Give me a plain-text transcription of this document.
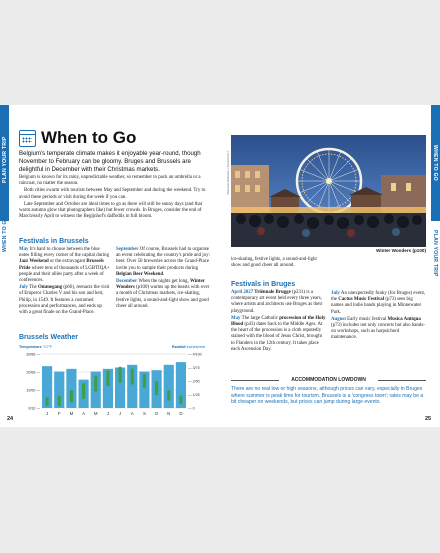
PLAN YOUR TRIP
WHEN TO GO
When to Go
Belgium's temperate climate makes it enjoyable year-round, though November to February can be gloomy. Bruges and Brussels are delightful in December with their Christmas markets.

Belgium is known for its rainy, unpredictable weather, so remember to pack an umbrella or a raincoat, no matter the season.

Both cities swarm with tourists between May and September and during the weekend. Try to avoid these periods or visit during the week if you can.

Late September and October are ideal times to go as there will still be sunny days (and that warm autumn glow that photographers like) but fewer crowds. In Bruges, consider the end of March/early April to witness the Begijnhof's daffodils in full bloom.

Festivals in Brussels

May It's hard to choose between the blue notes filling every corner of the capital during Jazz Weekend or the extravagant Brussels Pride where tens of thousands of LGBTIQA+ people and their allies party after a week of conferences.

July The Ommegang (p66), reenacts the visit of Emperor Charles V and his son and heir, Philip, in 1549. It features a costumed procession and performances, and ends up with a great finale on the Grand-Place.

September Of course, Brussels had to organise an event celebrating the country's pride and joy: beer. Over 50 breweries across the Grand-Place invite you to sample their products during Belgian Beer Weekend.

December When the nights get long, Winter Wonders (p100) warms up the hearts with over a month of Christmas markets, ice-skating, festive lights, a sound-and-light show and good cheer all around.

Brussels Weather
Temperature °C/°F	Rainfall inches/mm
30/86 —
20/68 —
10/50 —
0/32 —
— 4/100
— 3/75
— 2/50
— 1/25
— 0
J F M A M J J A S O N D
24
WHEN TO GO
PLAN YOUR TRIP
Oleksandr Merkushev / Shutterstock ©
Winter Wonders (p100)

ice-skating, festive lights, a sound-and-light show and good cheer all around.

Festivals in Bruges

April 2027 Triënnale Brugge (p231) is a contemporary art event held every three years, where artists and architects use Bruges as their playground.

May The large Catholic procession of the Holy Blood (p43) dates back to the Middle Ages. At the heart of the procession is a cloth reputedly stained with the blood of Jesus Christ, brought to Flanders in the 12th century. It takes place each Ascension Day.

July An unexpectedly funky (for Bruges) event, the Cactus Music Festival (p73) sees big names and indie bands playing in Minnewater Park.

August Early music festival Musica Antiqua (p73) includes not only concerts but also hands-on workshops, such as harpsichord maintenance.

ACCOMMODATION LOWDOWN
There are no real low or high seasons, although prices can vary, especially in Bruges where summer is peak time for tourism. Brussels is a 'congress town'; rates may be a bit cheaper on weekends, but prices can jump during large events.
25
